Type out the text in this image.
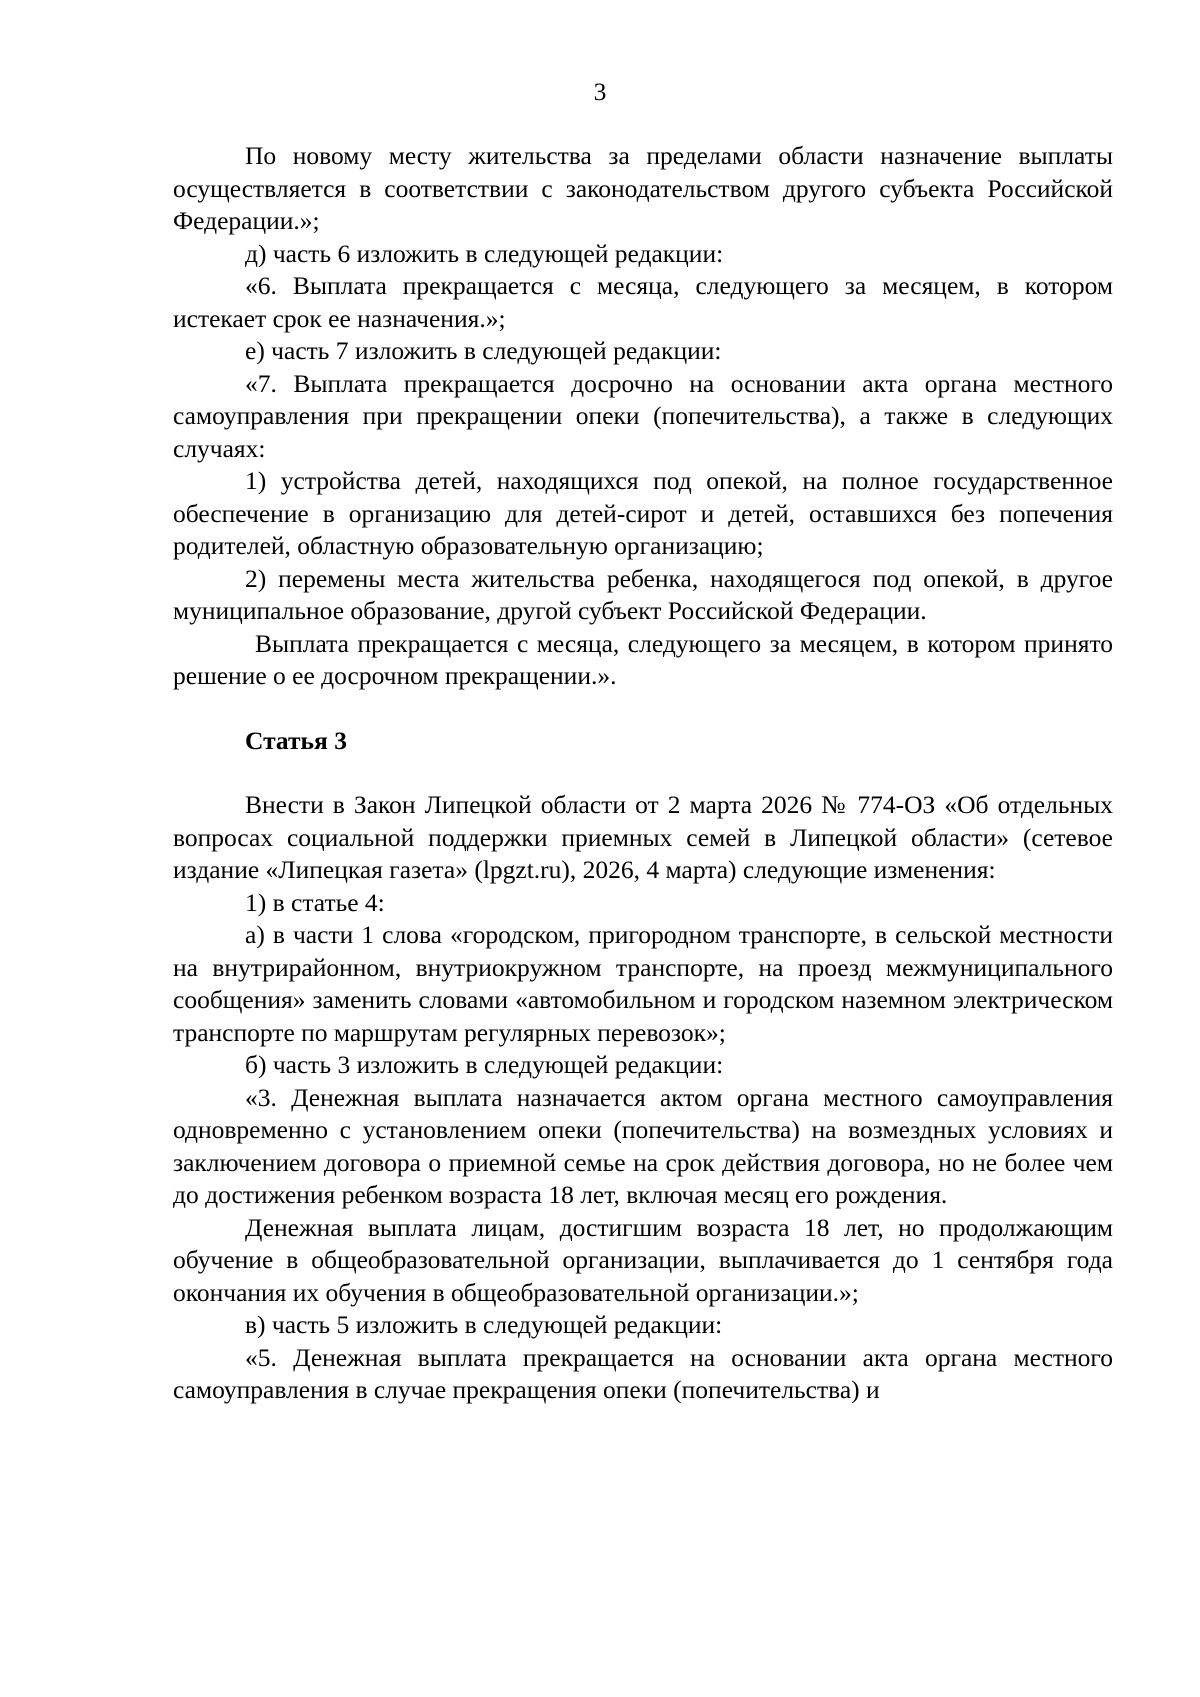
3

По новому месту жительства за пределами области назначение выплаты осуществляется в соответствии с законодательством другого субъекта Российской Федерации.»;

д) часть 6 изложить в следующей редакции:

«6. Выплата прекращается с месяца, следующего за месяцем, в котором истекает срок ее назначения.»;

е) часть 7 изложить в следующей редакции:

«7. Выплата прекращается досрочно на основании акта органа местного самоуправления при прекращении опеки (попечительства), а также в следующих случаях:

1) устройства детей, находящихся под опекой, на полное государственное обеспечение в организацию для детей-сирот и детей, оставшихся без попечения родителей, областную образовательную организацию;

2) перемены места жительства ребенка, находящегося под опекой, в другое муниципальное образование, другой субъект Российской Федерации.

Выплата прекращается с месяца, следующего за месяцем, в котором принято решение о ее досрочном прекращении.».

Статья 3

Внести в Закон Липецкой области от 2 марта 2026 № 774-ОЗ «Об отдельных вопросах социальной поддержки приемных семей в Липецкой области» (сетевое издание «Липецкая газета» (lpgzt.ru), 2026, 4 марта) следующие изменения:

1) в статье 4:

а) в части 1 слова «городском, пригородном транспорте, в сельской местности на внутрирайонном, внутриокружном транспорте, на проезд межмуниципального сообщения» заменить словами «автомобильном и городском наземном электрическом транспорте по маршрутам регулярных перевозок»;

б) часть 3 изложить в следующей редакции:

«3. Денежная выплата назначается актом органа местного самоуправления одновременно с установлением опеки (попечительства) на возмездных условиях и заключением договора о приемной семье на срок действия договора, но не более чем до достижения ребенком возраста 18 лет, включая месяц его рождения.

Денежная выплата лицам, достигшим возраста 18 лет, но продолжающим обучение в общеобразовательной организации, выплачивается до 1 сентября года окончания их обучения в общеобразовательной организации.»;

в) часть 5 изложить в следующей редакции:

«5. Денежная выплата прекращается на основании акта органа местного самоуправления в случае прекращения опеки (попечительства) и
